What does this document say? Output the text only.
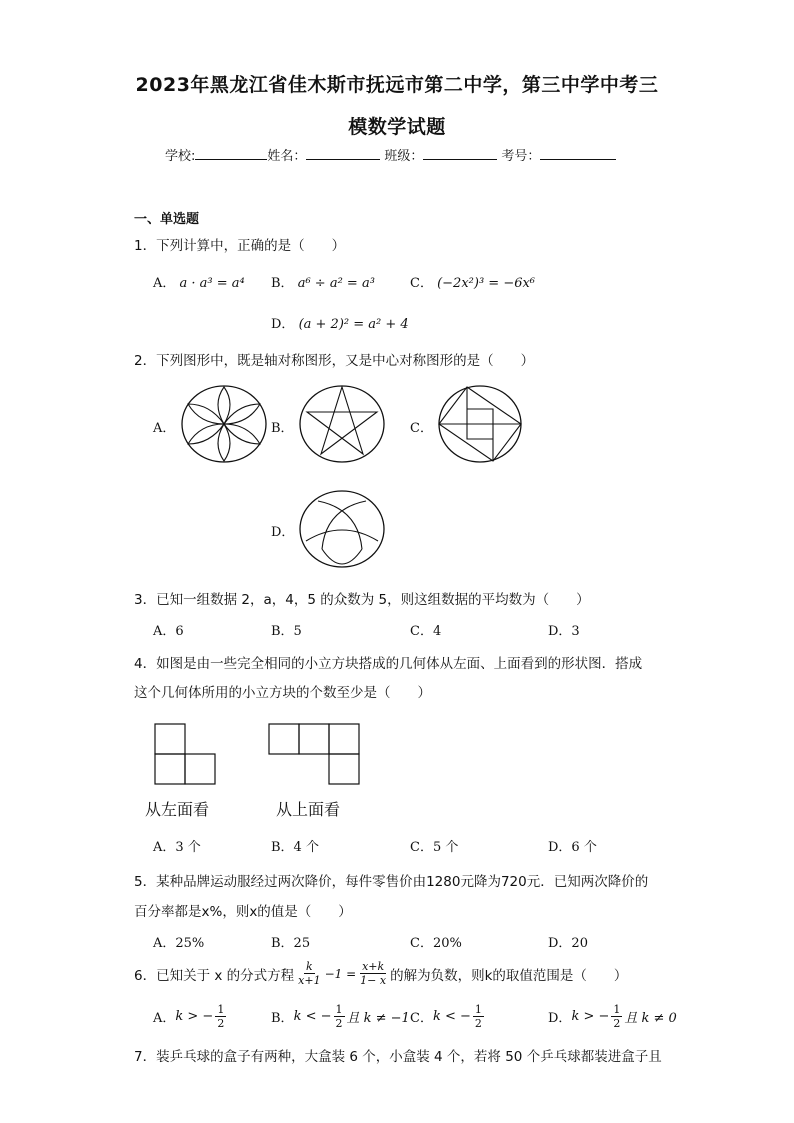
2023年黑龙江省佳木斯市抚远市第二中学，第三中学中考三
模数学试题
学校:	姓名：	班级：	考号：
一、单选题
1．下列计算中，正确的是（　　）
A． a · a³ = a⁴ B． a⁶ ÷ a² = a³	C． (−2x²)³ = −6x⁶
D． (a + 2)² = a² + 4
2．下列图形中，既是轴对称图形，又是中心对称图形的是（　　）
A．	B．	C．
D．
3．已知一组数据 2，a，4，5 的众数为 5，则这组数据的平均数为（　　）
A．6	B．5	C．4	D．3
4．如图是由一些完全相同的小立方块搭成的几何体从左面、上面看到的形状图．搭成
这个几何体所用的小立方块的个数至少是（　　）
从左面看	从上面看
A．3 个	B．4 个	C．5 个	D．6 个
5．某种品牌运动服经过两次降价，每件零售价由1280元降为720元．已知两次降价的
百分率都是x%，则x的值是（　　）
A．25%	B．25	C．20%	D．20
6．已知关于 x 的分式方程 $\frac{k}{x+1} -1 = \frac{x+k}{1- x}$ 的解为负数，则k的取值范围是（　　）
A． k > − $\frac{1}{2}$	B． k < − $\frac{1}{2}$ 且 k ≠ −1 C． k < − $\frac{1}{2}$	D． k > − $\frac{1}{2}$ 且 k ≠ 0
7．装乒乓球的盒子有两种，大盒装 6 个，小盒装 4 个，若将 50 个乒乓球都装进盒子且
